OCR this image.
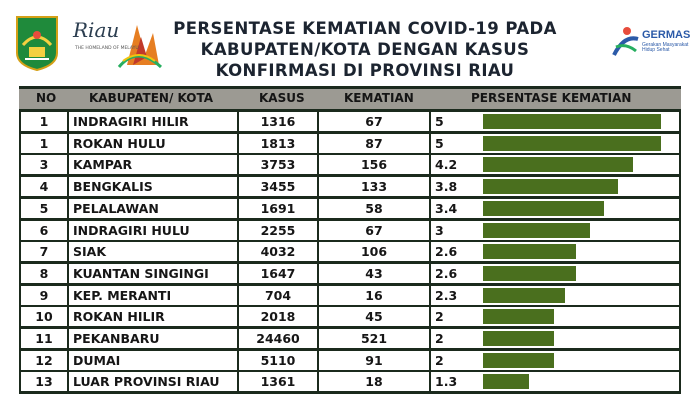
Riau
THE HOMELAND OF MELAYU
PERSENTASE KEMATIAN COVID-19 PADA
KABUPATEN/KOTA DENGAN KASUS
KONFIRMASI DI PROVINSI RIAU
GERMAS
Gerakan Masyarakat Hidup Sehat
NO	KABUPATEN/ KOTA	KASUS	KEMATIAN	PERSENTASE KEMATIAN
1	INDRAGIRI HILIR	1316	67	5
1	ROKAN HULU	1813	87	5
3	KAMPAR	3753	156	4.2
4	BENGKALIS	3455	133	3.8
5	PELALAWAN	1691	58	3.4
6	INDRAGIRI HULU	2255	67	3
7	SIAK	4032	106	2.6
8	KUANTAN SINGINGI	1647	43	2.6
9	KEP. MERANTI	704	16	2.3
10	ROKAN HILIR	2018	45	2
11	PEKANBARU	24460	521	2
12	DUMAI	5110	91	2
13	LUAR PROVINSI RIAU	1361	18	1.3
